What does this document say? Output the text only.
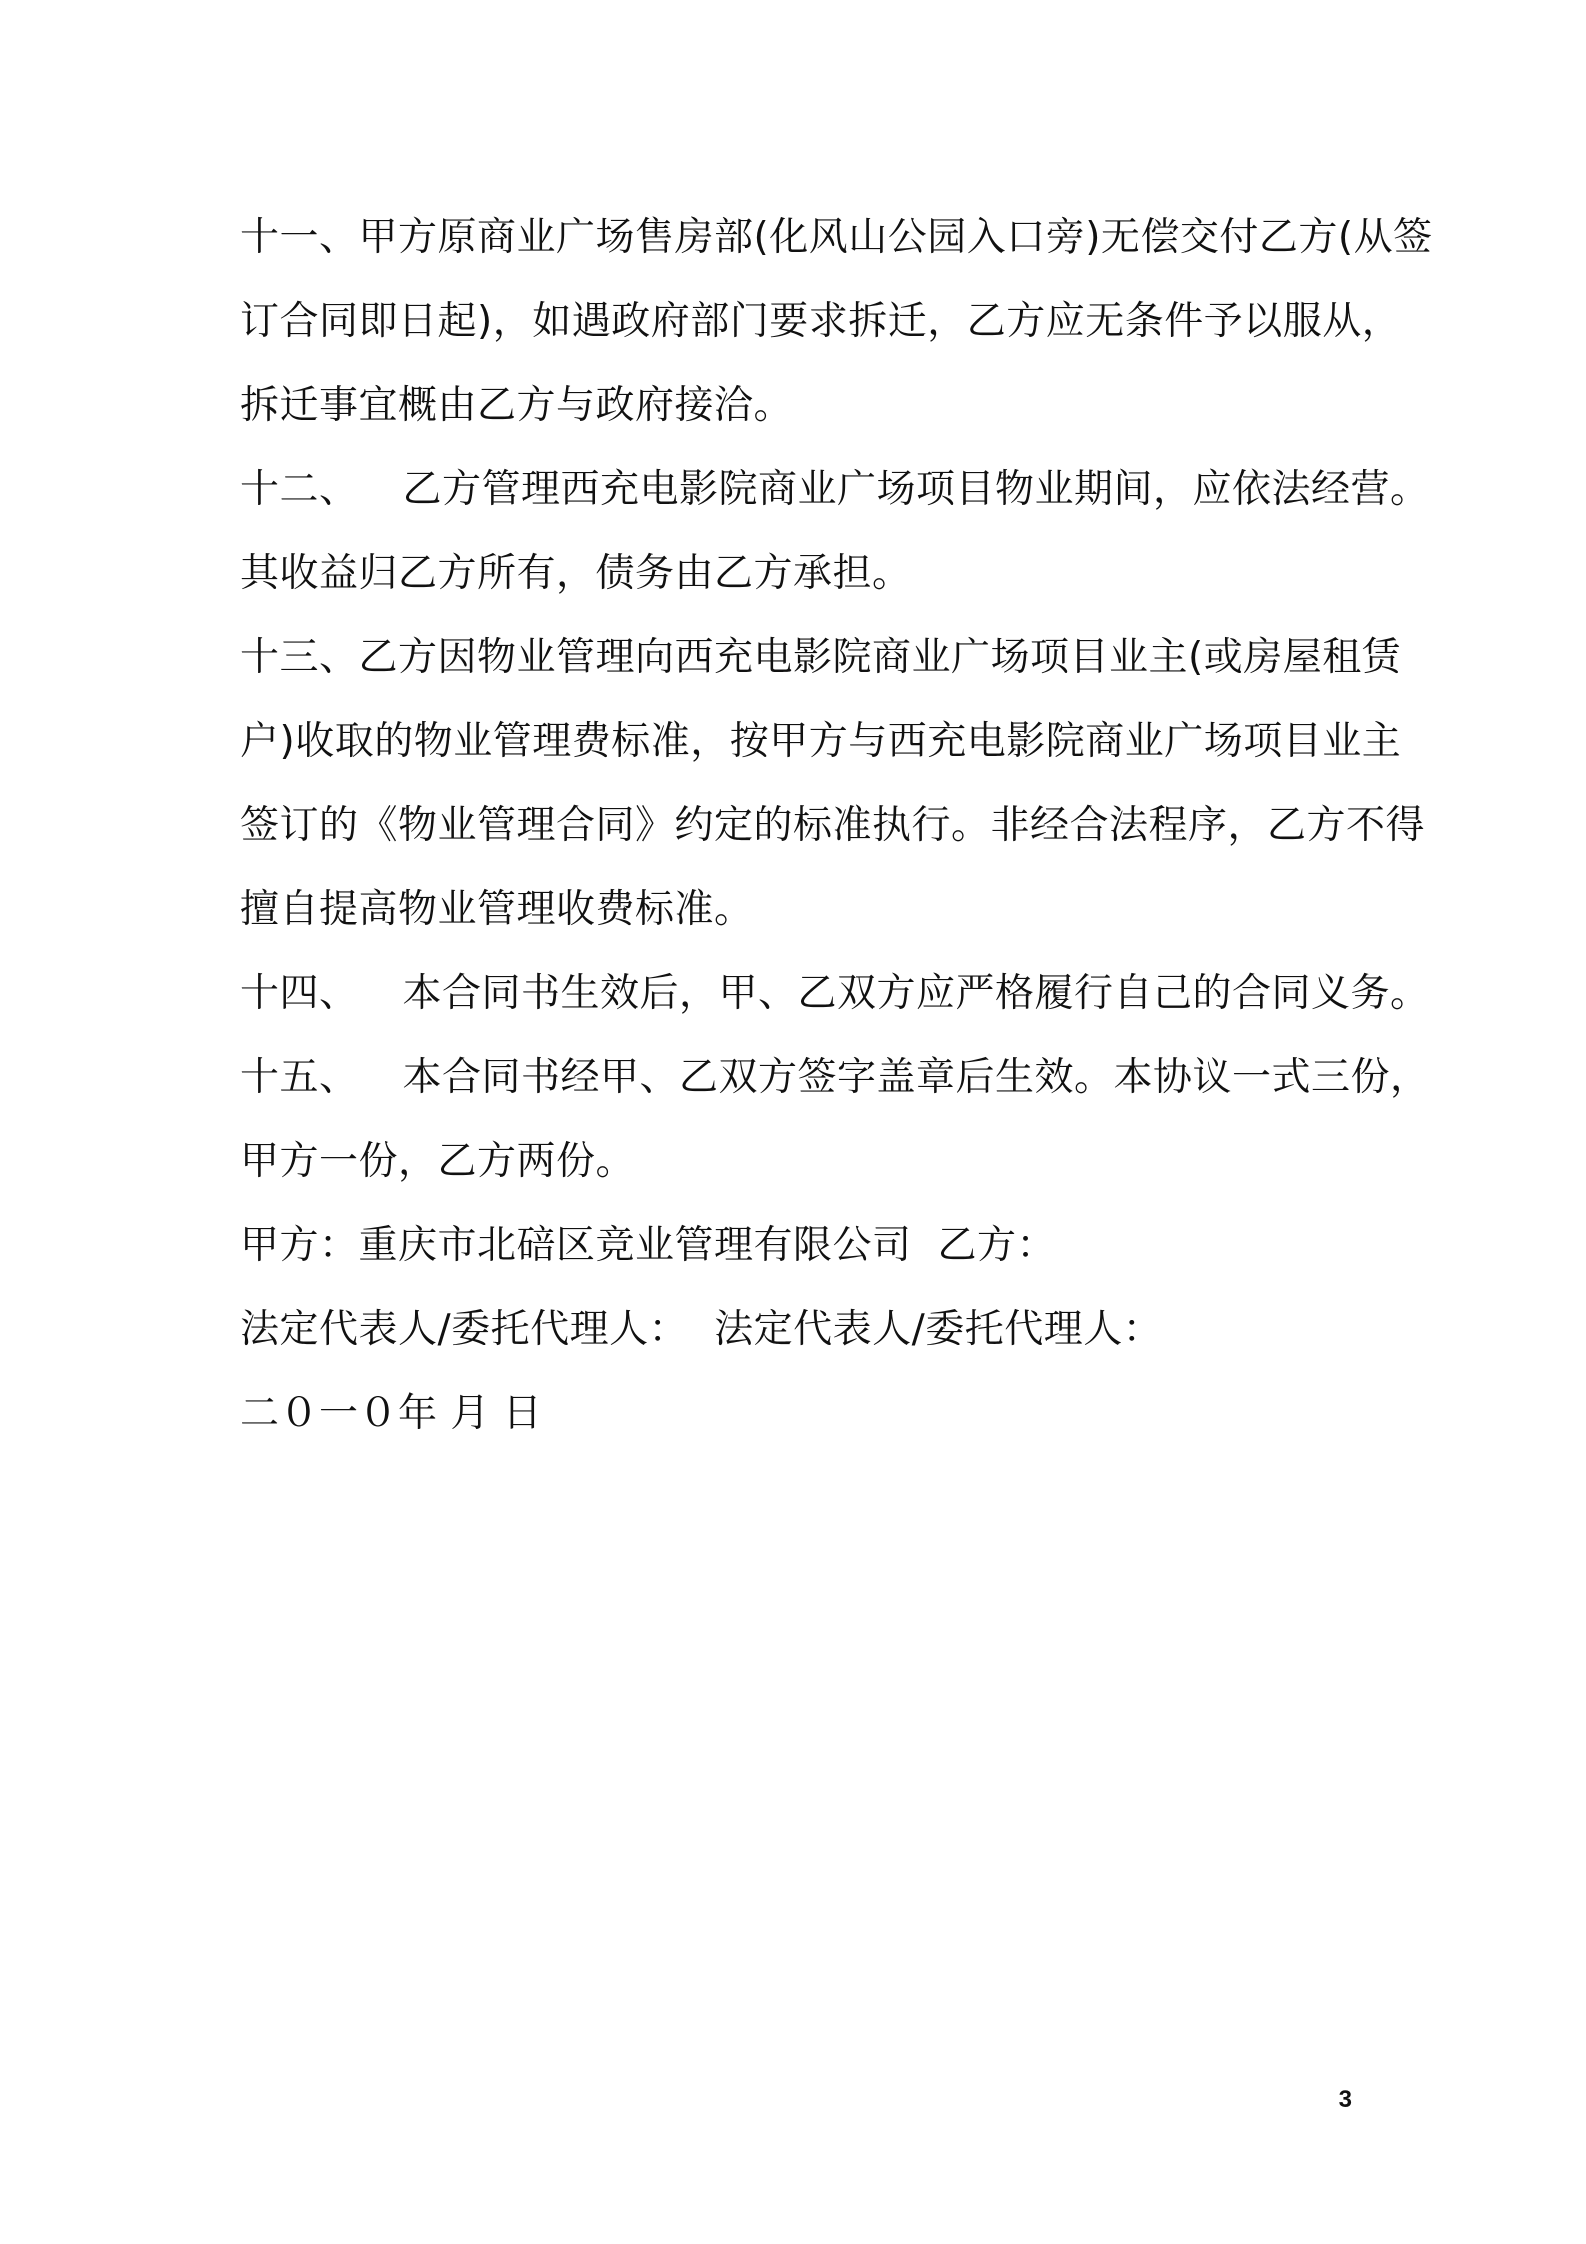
十一、甲方原商业广场售房部(化风山公园入口旁)无偿交付乙方(从签
订合同即日起)，如遇政府部门要求拆迁，乙方应无条件予以服从，
拆迁事宜概由乙方与政府接洽。
十二、 乙方管理西充电影院商业广场项目物业期间，应依法经营。
其收益归乙方所有，债务由乙方承担。
十三、乙方因物业管理向西充电影院商业广场项目业主(或房屋租赁
户)收取的物业管理费标准，按甲方与西充电影院商业广场项目业主
签订的《物业管理合同》约定的标准执行。非经合法程序，乙方不得
擅自提高物业管理收费标准。
十四、 本合同书生效后，甲、乙双方应严格履行自己的合同义务。
十五、 本合同书经甲、乙双方签字盖章后生效。本协议一式三份，
甲方一份，乙方两份。
甲方：重庆市北碚区竞业管理有限公司 乙方：
法定代表人/委托代理人： 法定代表人/委托代理人：
二０一０年 月 日
3
